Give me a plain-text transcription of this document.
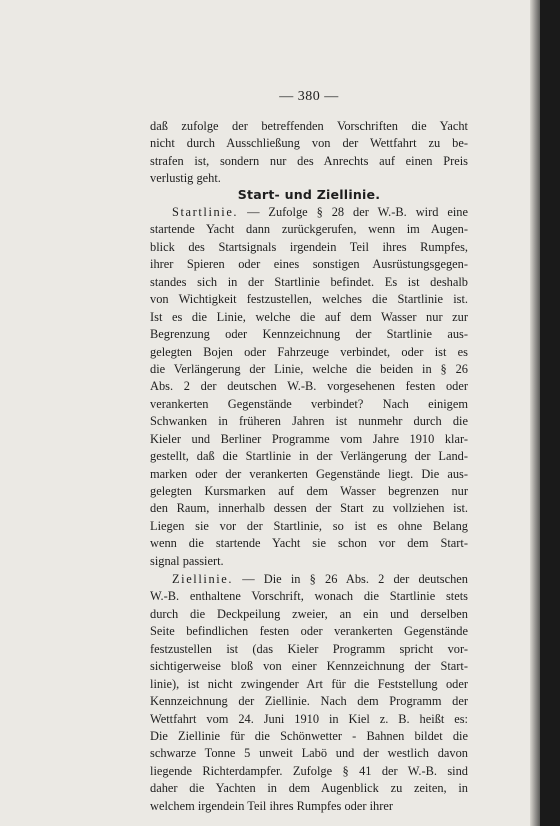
— 380 —
daß zufolge der betreffenden Vorschriften die Yacht
nicht durch Ausschließung von der Wettfahrt zu be-
strafen ist, sondern nur des Anrechts auf einen Preis
verlustig geht.
Start- und Ziellinie.
Startlinie. — Zufolge § 28 der W.-B. wird eine
startende Yacht dann zurückgerufen, wenn im Augen-
blick des Startsignals irgendein Teil ihres Rumpfes,
ihrer Spieren oder eines sonstigen Ausrüstungsgegen-
standes sich in der Startlinie befindet. Es ist deshalb
von Wichtigkeit festzustellen, welches die Startlinie ist.
Ist es die Linie, welche die auf dem Wasser nur zur
Begrenzung oder Kennzeichnung der Startlinie aus-
gelegten Bojen oder Fahrzeuge verbindet, oder ist es
die Verlängerung der Linie, welche die beiden in § 26
Abs. 2 der deutschen W.-B. vorgesehenen festen oder
verankerten Gegenstände verbindet? Nach einigem
Schwanken in früheren Jahren ist nunmehr durch die
Kieler und Berliner Programme vom Jahre 1910 klar-
gestellt, daß die Startlinie in der Verlängerung der Land-
marken oder der verankerten Gegenstände liegt. Die aus-
gelegten Kursmarken auf dem Wasser begrenzen nur
den Raum, innerhalb dessen der Start zu vollziehen ist.
Liegen sie vor der Startlinie, so ist es ohne Belang
wenn die startende Yacht sie schon vor dem Start-
signal passiert.
Ziellinie. — Die in § 26 Abs. 2 der deutschen
W.-B. enthaltene Vorschrift, wonach die Startlinie stets
durch die Deckpeilung zweier, an ein und derselben
Seite befindlichen festen oder verankerten Gegenstände
festzustellen ist (das Kieler Programm spricht vor-
sichtigerweise bloß von einer Kennzeichnung der Start-
linie), ist nicht zwingender Art für die Feststellung oder
Kennzeichnung der Ziellinie. Nach dem Programm der
Wettfahrt vom 24. Juni 1910 in Kiel z. B. heißt es:
Die Ziellinie für die Schönwetter - Bahnen bildet die
schwarze Tonne 5 unweit Labö und der westlich davon
liegende Richterdampfer. Zufolge § 41 der W.-B. sind
daher die Yachten in dem Augenblick zu zeiten, in
welchem irgendein Teil ihres Rumpfes oder ihrer
